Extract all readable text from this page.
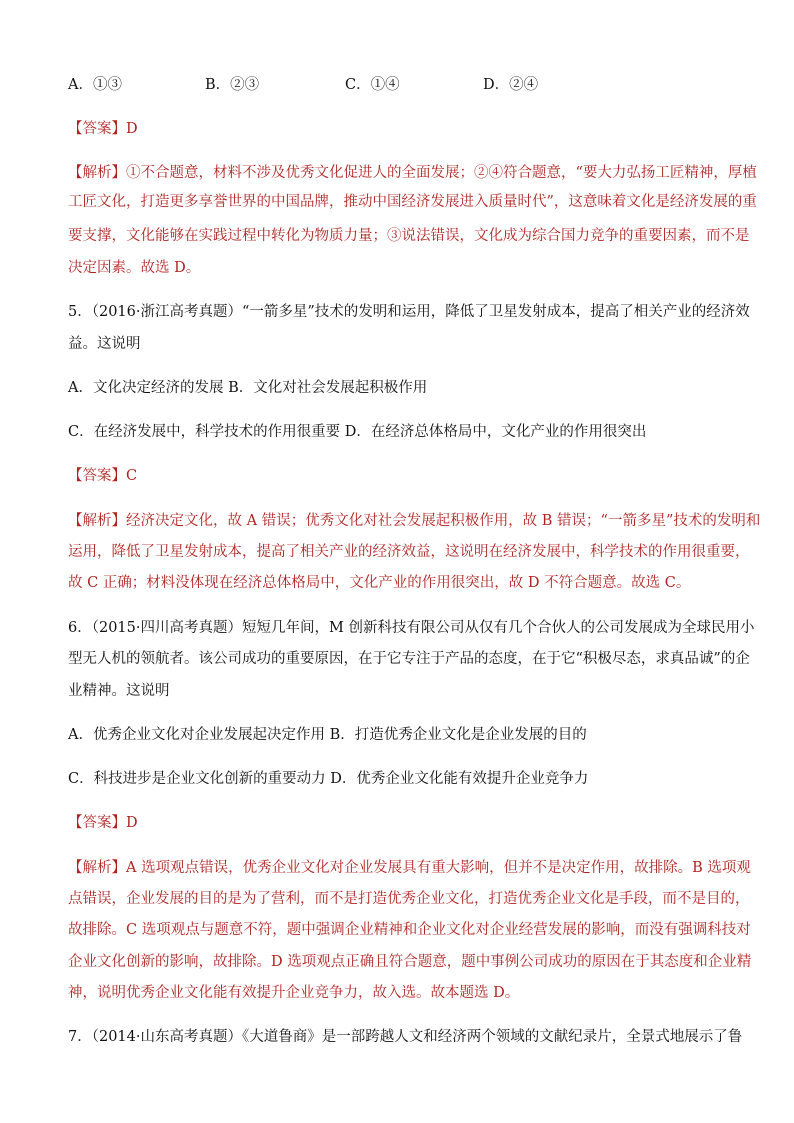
A．①③	B．②③	C．①④	D．②④
【答案】D
【解析】①不合题意，材料不涉及优秀文化促进人的全面发展；②④符合题意，“要大力弘扬工匠精神，厚植
工匠文化，打造更多享誉世界的中国品牌，推动中国经济发展进入质量时代”，这意味着文化是经济发展的重
要支撑，文化能够在实践过程中转化为物质力量；③说法错误，文化成为综合国力竞争的重要因素，而不是
决定因素。故选 D。
5．（2016·浙江高考真题）“一箭多星”技术的发明和运用，降低了卫星发射成本，提高了相关产业的经济效
益。这说明
A．文化决定经济的发展 B．文化对社会发展起积极作用
C．在经济发展中，科学技术的作用很重要 D．在经济总体格局中，文化产业的作用很突出
【答案】C
【解析】经济决定文化，故 A 错误；优秀文化对社会发展起积极作用，故 B 错误；“一箭多星”技术的发明和
运用，降低了卫星发射成本，提高了相关产业的经济效益，这说明在经济发展中，科学技术的作用很重要，
故 C 正确；材料没体现在经济总体格局中，文化产业的作用很突出，故 D 不符合题意。故选 C。
6．（2015·四川高考真题）短短几年间，M 创新科技有限公司从仅有几个合伙人的公司发展成为全球民用小
型无人机的领航者。该公司成功的重要原因，在于它专注于产品的态度，在于它“积极尽态，求真品诚”的企
业精神。这说明
A．优秀企业文化对企业发展起决定作用 B．打造优秀企业文化是企业发展的目的
C．科技进步是企业文化创新的重要动力 D．优秀企业文化能有效提升企业竞争力
【答案】D
【解析】A 选项观点错误，优秀企业文化对企业发展具有重大影响，但并不是决定作用，故排除。B 选项观
点错误，企业发展的目的是为了营利，而不是打造优秀企业文化，打造优秀企业文化是手段，而不是目的，
故排除。C 选项观点与题意不符，题中强调企业精神和企业文化对企业经营发展的影响，而没有强调科技对
企业文化创新的影响，故排除。D 选项观点正确且符合题意，题中事例公司成功的原因在于其态度和企业精
神，说明优秀企业文化能有效提升企业竞争力，故入选。故本题选 D。
7．（2014·山东高考真题）《大道鲁商》是一部跨越人文和经济两个领域的文献纪录片，全景式地展示了鲁
